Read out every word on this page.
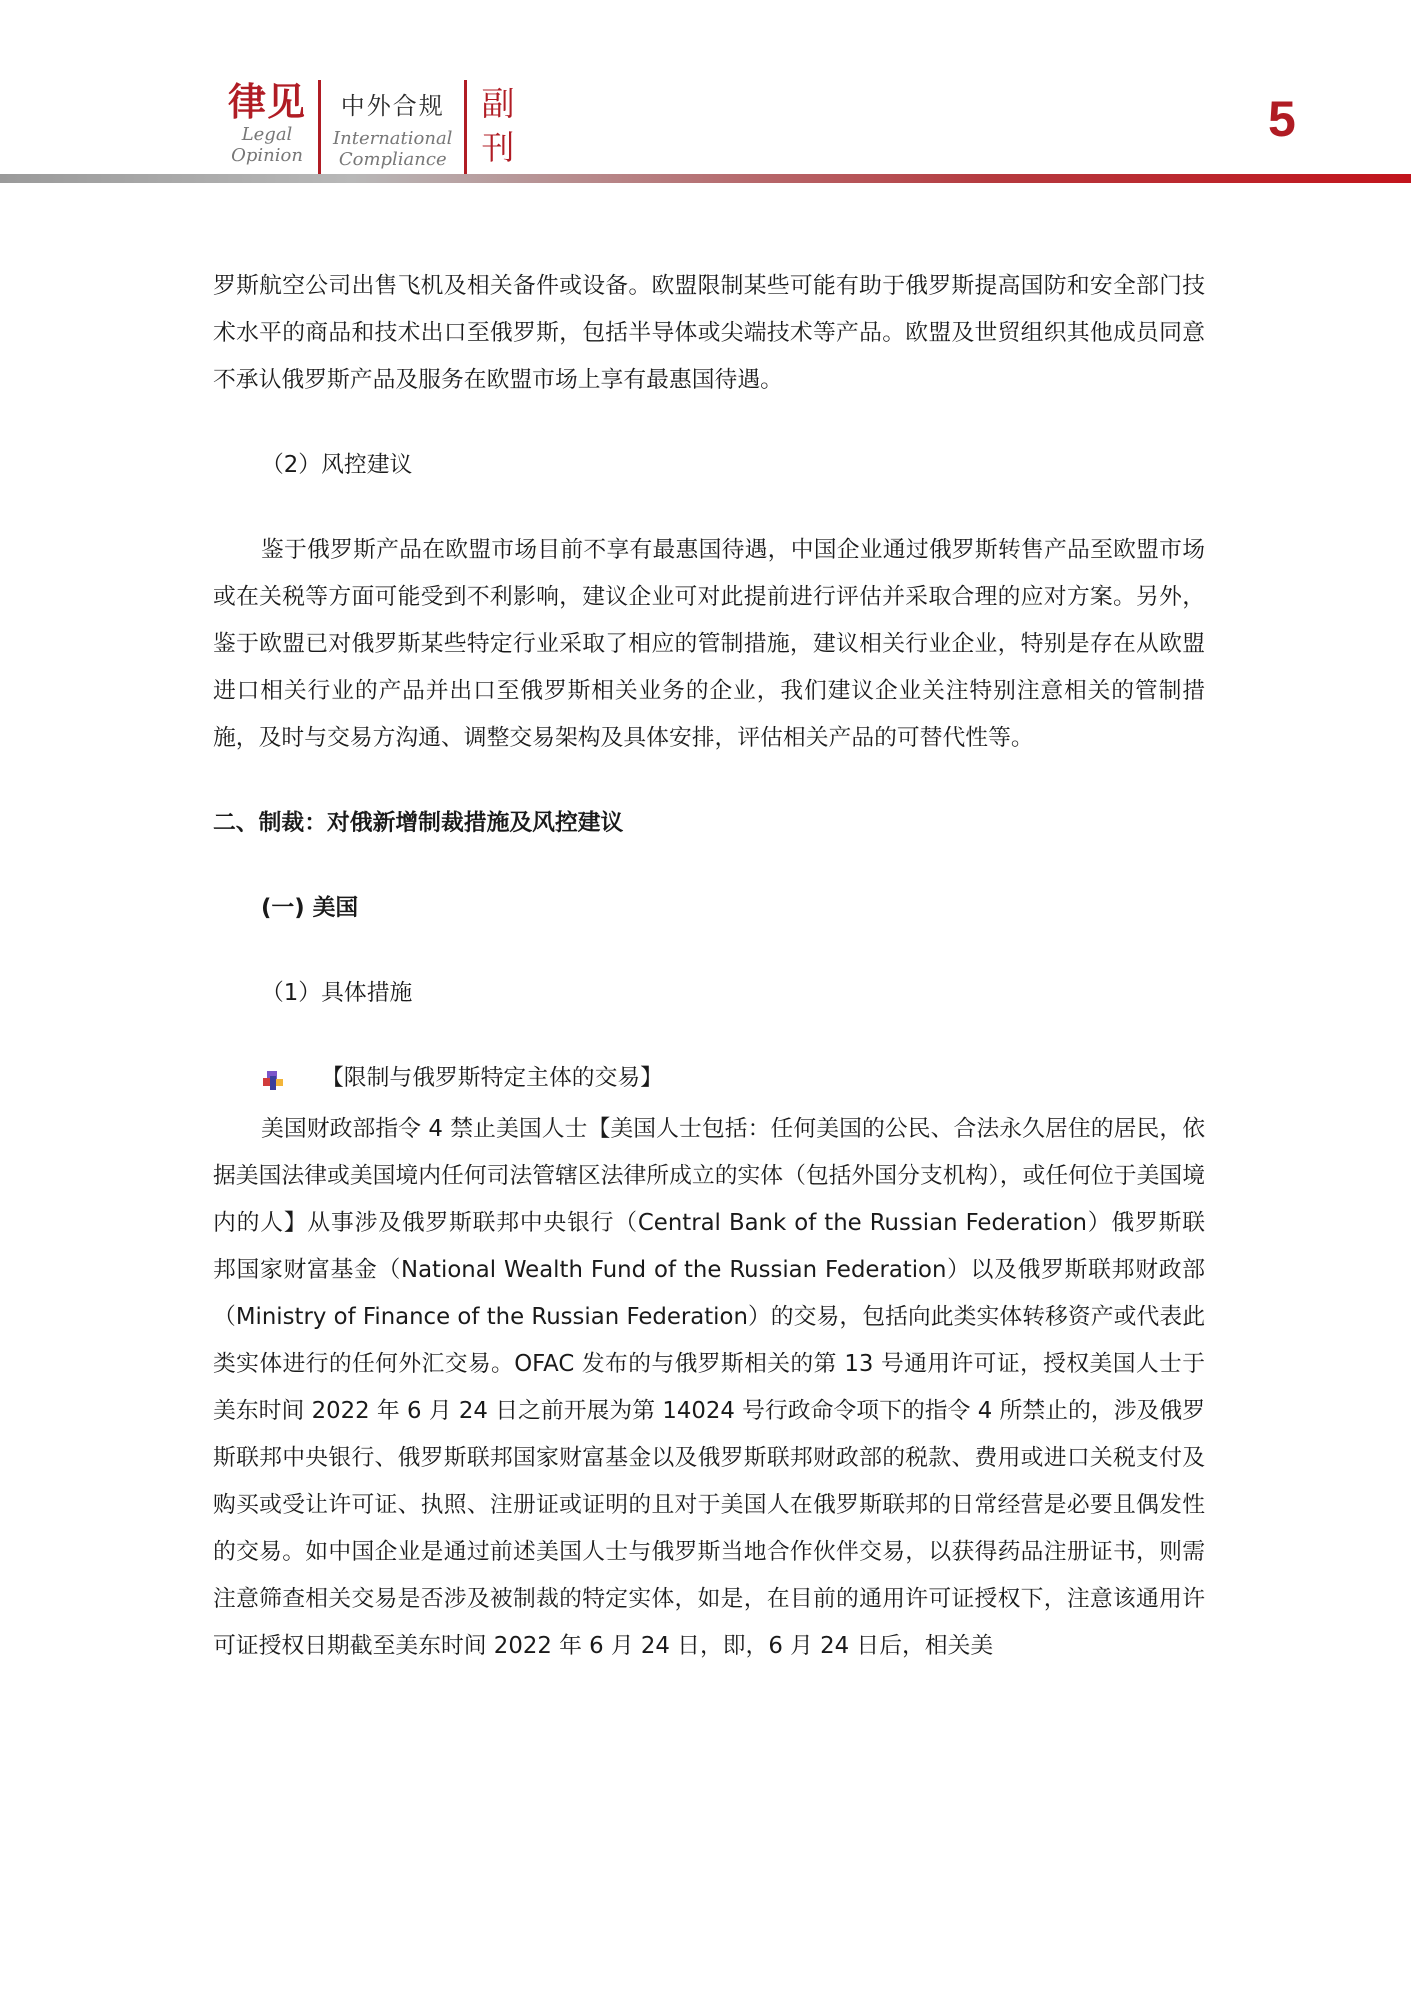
律见
Legal
Opinion
中外合规
International
Compliance
副
刊
5

罗斯航空公司出售飞机及相关备件或设备。欧盟限制某些可能有助于俄罗斯提高国防和安全部门技术水平的商品和技术出口至俄罗斯，包括半导体或尖端技术等产品。欧盟及世贸组织其他成员同意不承认俄罗斯产品及服务在欧盟市场上享有最惠国待遇。

（2）风控建议

鉴于俄罗斯产品在欧盟市场目前不享有最惠国待遇，中国企业通过俄罗斯转售产品至欧盟市场或在关税等方面可能受到不利影响，建议企业可对此提前进行评估并采取合理的应对方案。另外，鉴于欧盟已对俄罗斯某些特定行业采取了相应的管制措施，建议相关行业企业，特别是存在从欧盟进口相关行业的产品并出口至俄罗斯相关业务的企业，我们建议企业关注特别注意相关的管制措施，及时与交易方沟通、调整交易架构及具体安排，评估相关产品的可替代性等。

二、制裁：对俄新增制裁措施及风控建议

(一) 美国

（1）具体措施

【限制与俄罗斯特定主体的交易】

美国财政部指令 4 禁止美国人士【美国人士包括：任何美国的公民、合法永久居住的居民，依据美国法律或美国境内任何司法管辖区法律所成立的实体（包括外国分支机构），或任何位于美国境内的人】从事涉及俄罗斯联邦中央银行（Central Bank of the Russian Federation）俄罗斯联邦国家财富基金（National Wealth Fund of the Russian Federation）以及俄罗斯联邦财政部（Ministry of Finance of the Russian Federation）的交易，包括向此类实体转移资产或代表此类实体进行的任何外汇交易。OFAC 发布的与俄罗斯相关的第 13 号通用许可证，授权美国人士于美东时间 2022 年 6 月 24 日之前开展为第 14024 号行政命令项下的指令 4 所禁止的，涉及俄罗斯联邦中央银行、俄罗斯联邦国家财富基金以及俄罗斯联邦财政部的税款、费用或进口关税支付及购买或受让许可证、执照、注册证或证明的且对于美国人在俄罗斯联邦的日常经营是必要且偶发性的交易。如中国企业是通过前述美国人士与俄罗斯当地合作伙伴交易，以获得药品注册证书，则需注意筛查相关交易是否涉及被制裁的特定实体，如是，在目前的通用许可证授权下，注意该通用许可证授权日期截至美东时间 2022 年 6 月 24 日，即，6 月 24 日后，相关美
